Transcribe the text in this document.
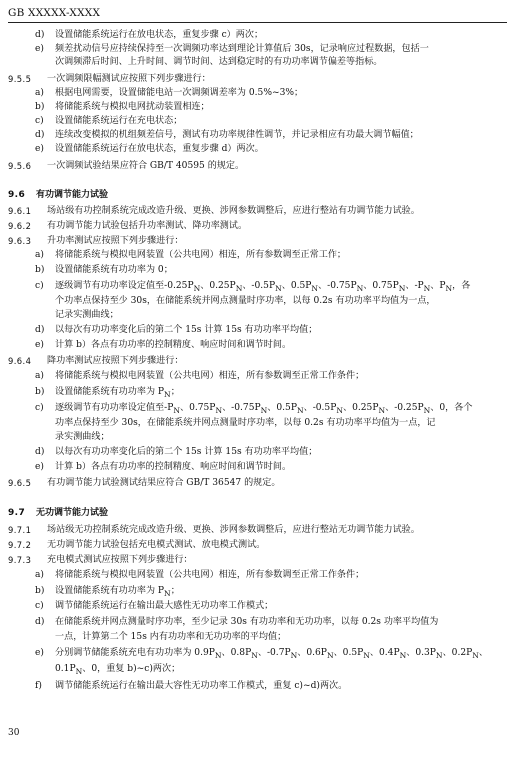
GB XXXXX-XXXX
d) 设置储能系统运行在放电状态，重复步骤 c）两次；
e) 频差扰动信号应持续保持至一次调频功率达到理论计算值后 30s，记录响应过程数据，包括一
次调频滞后时间、上升时间、调节时间、达到稳定时的有功功率调节偏差等指标。
9.5.5 一次调频限幅测试应按照下列步骤进行：
a) 根据电网需要，设置储能电站一次调频调差率为 0.5%~3%；
b) 将储能系统与模拟电网扰动装置相连；
c) 设置储能系统运行在充电状态；
d) 连续改变模拟的机组频差信号，测试有功功率规律性调节，并记录相应有功最大调节幅值；
e) 设置储能系统运行在放电状态，重复步骤 d）两次。
9.5.6 一次调频试验结果应符合 GB/T 40595 的规定。
9.6 有功调节能力试验
9.6.1 场站级有功控制系统完成改造升级、更换、涉网参数调整后，应进行整站有功调节能力试验。
9.6.2 有功调节能力试验包括升功率测试、降功率测试。
9.6.3 升功率测试应按照下列步骤进行：
a) 将储能系统与模拟电网装置（公共电网）相连，所有参数调至正常工作；
b) 设置储能系统有功功率为 0；
c) 逐级调节有功功率设定值至$-0.25P_N$、$0.25P_N$、$-0.5P_N$、$0.5P_N$、$-0.75P_N$、$0.75P_N$、$-P_N$、$P_N$，各
个功率点保持至少 30s，在储能系统并网点测量时序功率，以每 0.2s 有功功率平均值为一点，
记录实测曲线；
d) 以每次有功功率变化后的第二个 15s 计算 15s 有功功率平均值；
e) 计算 b）各点有功功率的控制精度、响应时间和调节时间。
9.6.4 降功率测试应按照下列步骤进行：
a) 将储能系统与模拟电网装置（公共电网）相连，所有参数调至正常工作条件；
b) 设置储能系统有功功率为 $P_N$；
c) 逐级调节有功功率设定值至$-P_N$、$0.75P_N$、$-0.75P_N$、$0.5P_N$、$-0.5P_N$、$0.25P_N$、$-0.25P_N$、0，各个
功率点保持至少 30s，在储能系统并网点测量时序功率，以每 0.2s 有功功率平均值为一点，记
录实测曲线；
d) 以每次有功功率变化后的第二个 15s 计算 15s 有功功率平均值；
e) 计算 b）各点有功功率的控制精度、响应时间和调节时间。
9.6.5 有功调节能力试验测试结果应符合 GB/T 36547 的规定。
9.7 无功调节能力试验
9.7.1 场站级无功控制系统完成改造升级、更换、涉网参数调整后，应进行整站无功调节能力试验。
9.7.2 无功调节能力试验包括充电模式测试、放电模式测试。
9.7.3 充电模式测试应按照下列步骤进行：
a) 将储能系统与模拟电网装置（公共电网）相连，所有参数调至正常工作条件；
b) 设置储能系统有功功率为 $P_N$；
c) 调节储能系统运行在输出最大感性无功功率工作模式；
d) 在储能系统并网点测量时序功率，至少记录 30s 有功功率和无功功率，以每 0.2s 功率平均值为
一点，计算第二个 15s 内有功功率和无功功率的平均值；
e) 分别调节储能系统充电有功功率为 $0.9P_N$、$0.8P_N$、$-0.7P_N$、$0.6P_N$、$0.5P_N$、$0.4P_N$、$0.3P_N$、$0.2P_N$、
$0.1P_N$、0，重复 b)~c)两次；
f) 调节储能系统运行在输出最大容性无功功率工作模式，重复 c)~d)两次。
30
